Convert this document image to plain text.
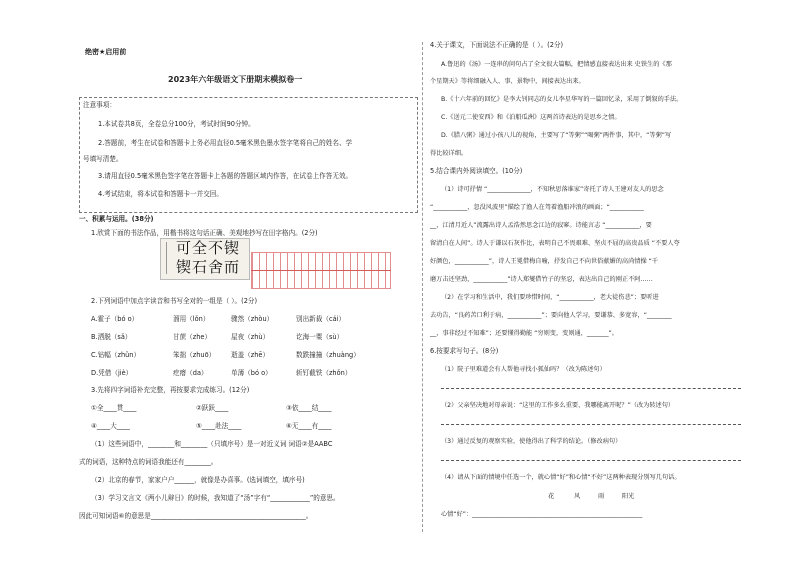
绝密★启用前
2023年六年级语文下册期末模拟卷一
注意事项：
1.本试卷共8页，全卷总分100分，考试时间90分钟。
2.答题前，考生在试卷和答题卡上务必用直径0.5毫米黑色墨水签字笔将自己的姓名、学
号填写清楚。
3.请用直径0.5毫米黑色签字笔在答题卡上各题的答题区域内作答，在试卷上作答无效。
4.考试结束，将本试卷和答题卡一并交回。
一、积累与运用。(38分)
1.欣赏下面的书法作品，用楷书将这句话正确、美观地抄写在田字格内。(2分)
可全不锲
锲石舍而
2.下列词语中加点字读音和书写全对的一组是（ ）。(2分)
A.霍子（bó o）	溜用（lǒn）	骤然（zhòu）	别出新裁（cái）
B.洒脱（sǎ）	甘蔗（zhe）	屋夜（zhù）	讫海一粟（sù）
C.钻幅（zhǔn）	笨拙（zhuō） 逝盖（zhē）	数跌撞撞（zhuàng）
D.凭借（jiè）	疙瘩（da）	单薄（bó o）	斩钉截铁（zhǒn）
3.先将四字词语补充完整，再按要求完成练习。(12分)
①全____贯____	②跃跃____	③依____结____
④____大____	⑤____赴法____	⑥无____有____
（1）这些词语中，________和________（只填序号）是一对近义词 词语②是AABC
式的词语，这种特点的词语我能还有________。
（2）北京的春节，家家户户______，就像是办喜事。(选词填空，填序号)
（3）学习文言文《两小儿辩日》的时候，我知道了“汤”字有“____________”的意思。
因此可知词语⑥的意思是_______________________________________________。
4.关于课文，下面说法不正确的是（ ）。(2分)
A.鲁迅的《汤》一连串的问句占了全文很大篇幅，把情感直接表达出来 史铁生的《那
个星期天》等将细融入人、事、景物中，间接表达出来。
B.《十六年前的回忆》是李大钊同志的女儿李星华写的一篇回忆录，采用了倒叙的手法。
C.《送元二使安西》和《泊船瓜洲》这两首诗表达的是思乡之情。
D.《腊八粥》通过小孩八儿的视角，主要写了“等粥”“喝粥”两件事，其中，“等粥”写
得比较详细。
5.结合课内外阅读填空。(10分)
（1）诗可抒情 “______________，不知秋思落谁家”寄托了诗人王建对友人的思念
“___________，忽没风波里”描绘了渔人在驾着渔船冲浪的画面；“___________
__，江清月近人”流露出诗人孟浩然思念江边的寂寥。诗能言志 “___________，要
留清白在人间”。诗人于谦以石灰作比，表明自己不畏艰难、坚贞不屈的高贵品质 “不要人夸
好颜色，___________”，诗人王冕借梅自喻，抒发自己不向世俗献媚的高尚情操 “千
磨万击还坚劲，___________”诗人郑燮借竹子的坚忍，表达出自己的刚正不阿……
（2）在学习和生活中，我们要珍惜时间，“___________，老大徒伤悲”；要听进
去功告，“良药苦口利于病，___________”；要向他人学习，要谦恭、多宽容，“________
__，事非经过不知难”；还要懂得勤能 “穷则变，变则通，_______”。
6.按要求写句子。(8分)
（1）院子里难道会有人帮他寻找小狐仙吗？（改为陈述句）
（2）父亲坚决地对母亲说：“这里的工作多么重要，我哪能离开呢？”（改为转述句）
（3）通过反复的观察实验，使他得出了科学的结论。（修改病句）
（4）请从下面的情境中任选一个，就心情“好”和心情“不好”这两种表现分别写几句话。
花	风	雨	阳光
心情“好”：_______________________________________________________
